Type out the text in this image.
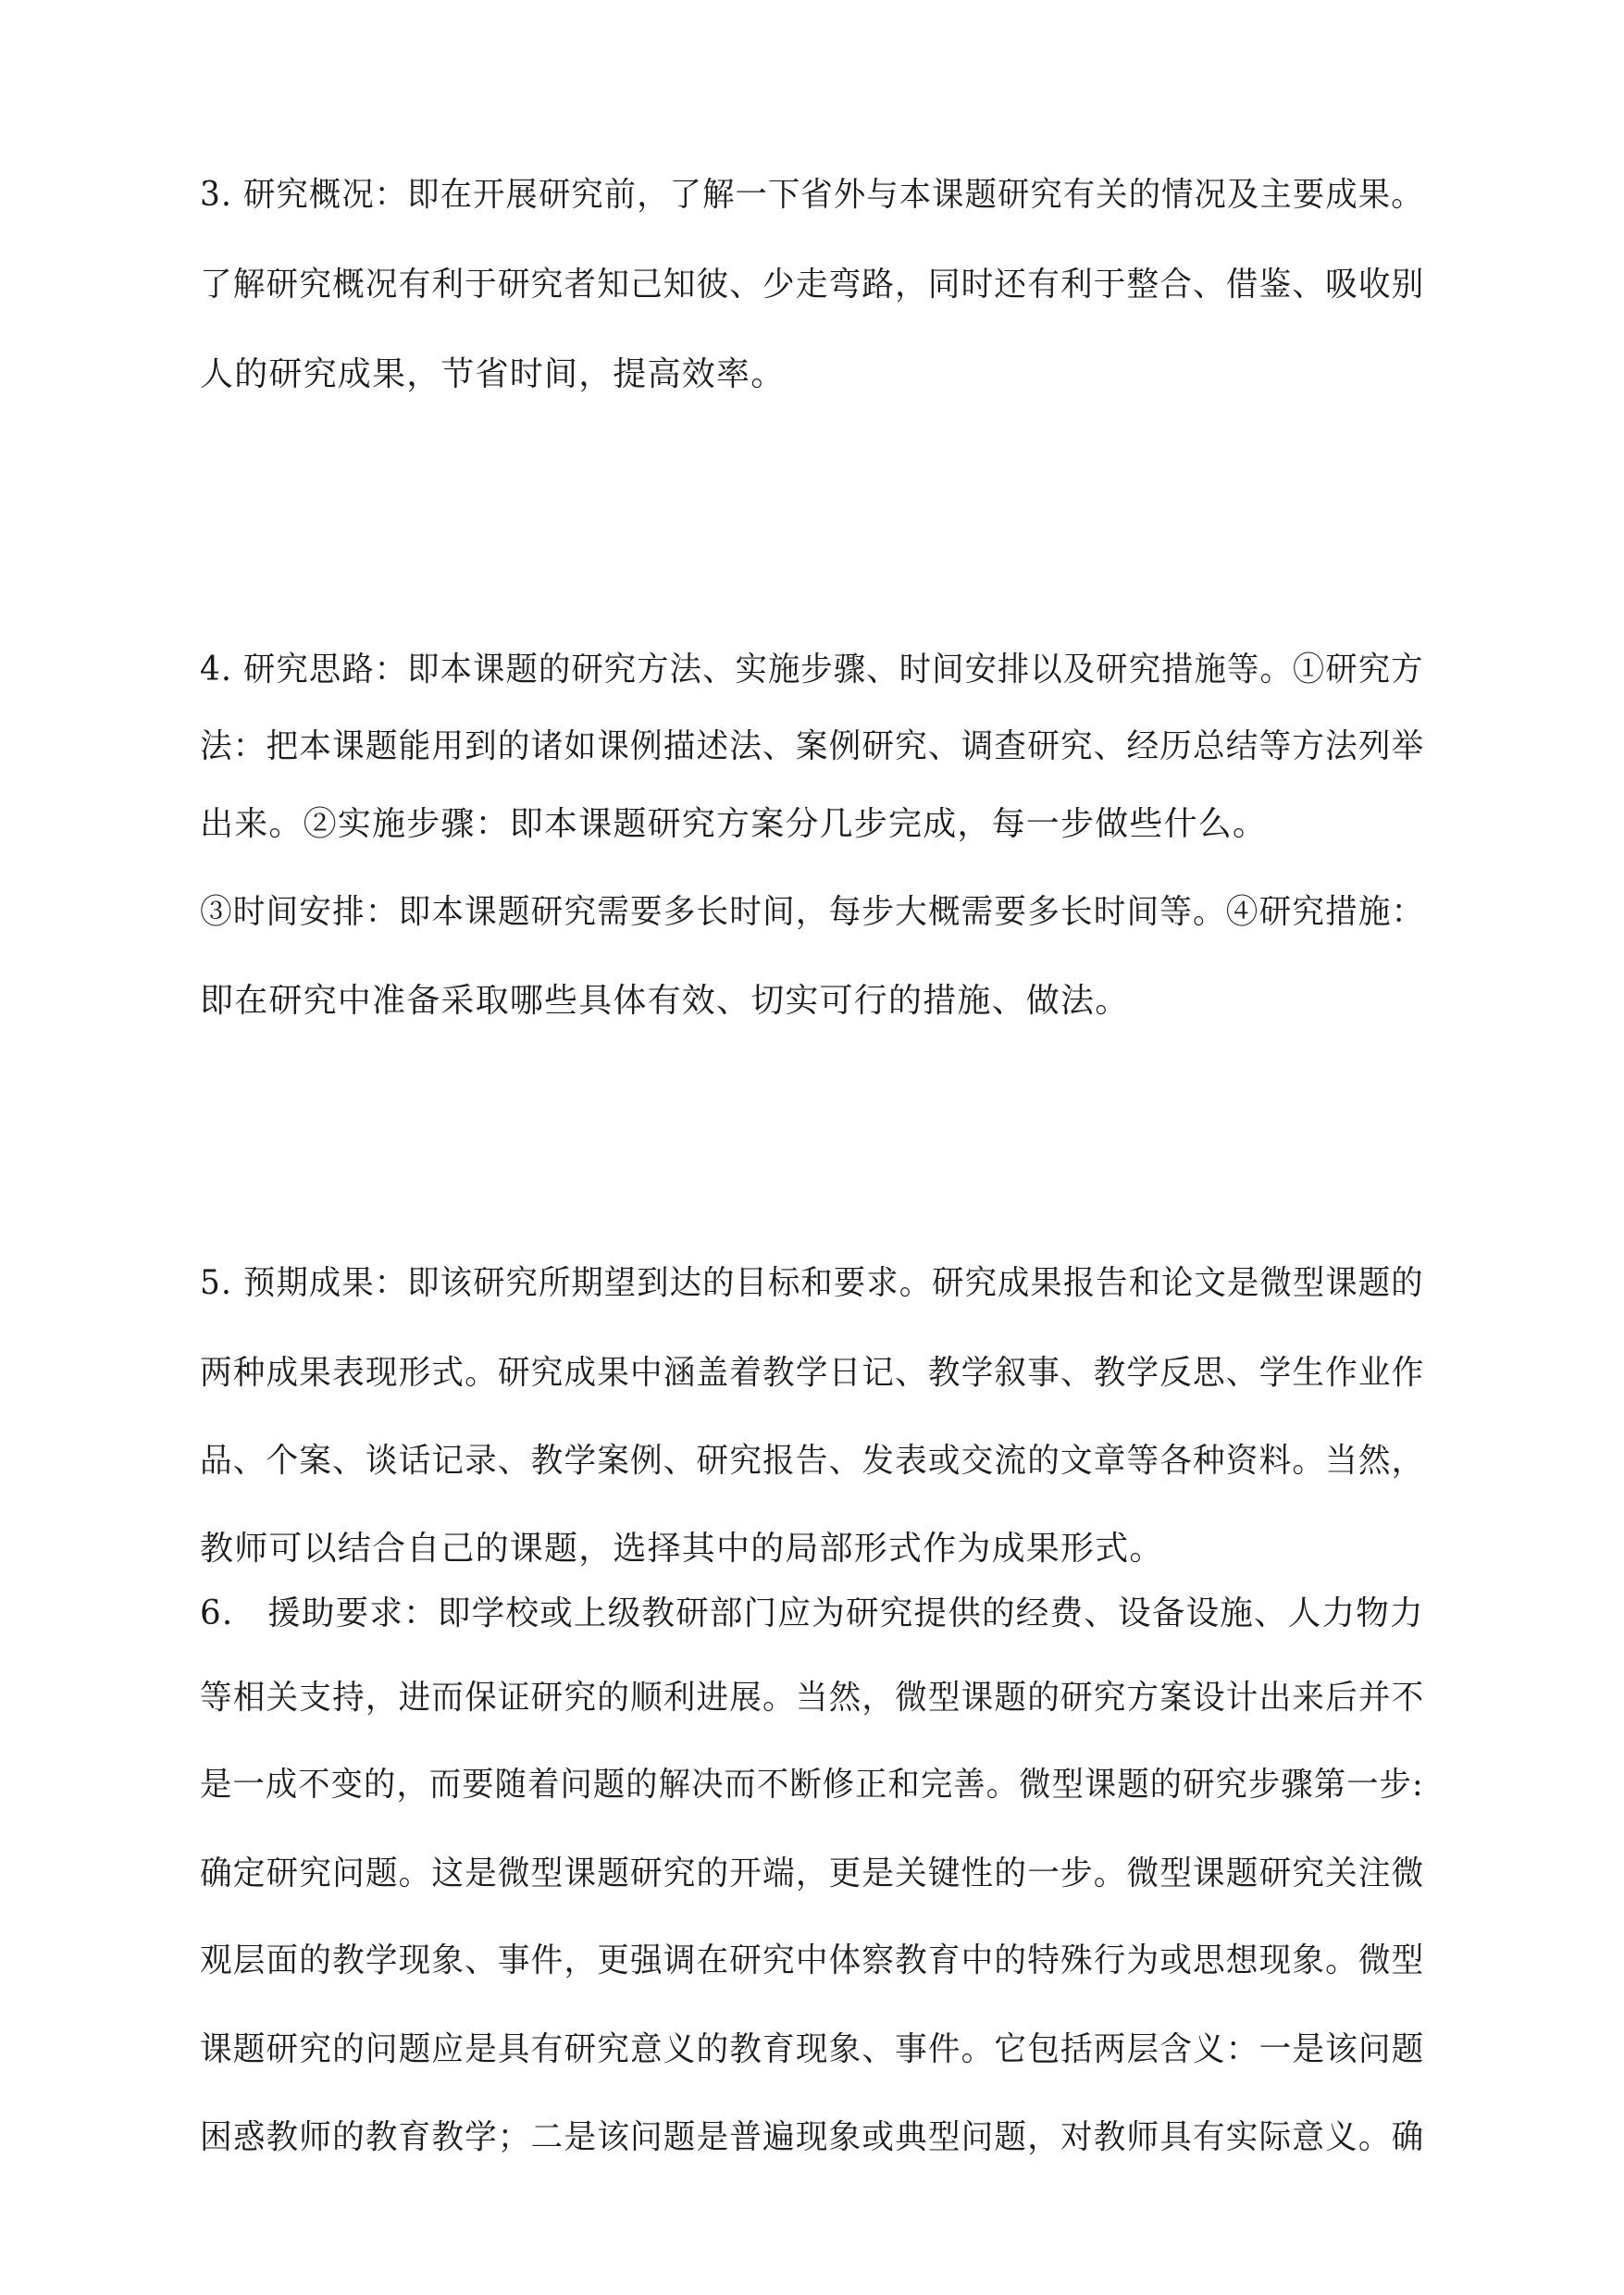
3. 研究概况：即在开展研究前，了解一下省外与本课题研究有关的情况及主要成果。

了解研究概况有利于研究者知己知彼、少走弯路，同时还有利于整合、借鉴、吸收别

人的研究成果，节省时间，提高效率。

4. 研究思路：即本课题的研究方法、实施步骤、时间安排以及研究措施等。①研究方

法：把本课题能用到的诸如课例描述法、案例研究、调查研究、经历总结等方法列举

出来。②实施步骤：即本课题研究方案分几步完成，每一步做些什么。

③时间安排：即本课题研究需要多长时间，每步大概需要多长时间等。④研究措施：

即在研究中准备采取哪些具体有效、切实可行的措施、做法。

5. 预期成果：即该研究所期望到达的目标和要求。研究成果报告和论文是微型课题的

两种成果表现形式。研究成果中涵盖着教学日记、教学叙事、教学反思、学生作业作

品、个案、谈话记录、教学案例、研究报告、发表或交流的文章等各种资料。当然，

教师可以结合自己的课题，选择其中的局部形式作为成果形式。

6.　援助要求：即学校或上级教研部门应为研究提供的经费、设备设施、人力物力

等相关支持，进而保证研究的顺利进展。当然，微型课题的研究方案设计出来后并不

是一成不变的，而要随着问题的解决而不断修正和完善。微型课题的研究步骤第一步:

确定研究问题。这是微型课题研究的开端，更是关键性的一步。微型课题研究关注微

观层面的教学现象、事件，更强调在研究中体察教育中的特殊行为或思想现象。微型

课题研究的问题应是具有研究意义的教育现象、事件。它包括两层含义：一是该问题

困惑教师的教育教学；二是该问题是普遍现象或典型问题，对教师具有实际意义。确
